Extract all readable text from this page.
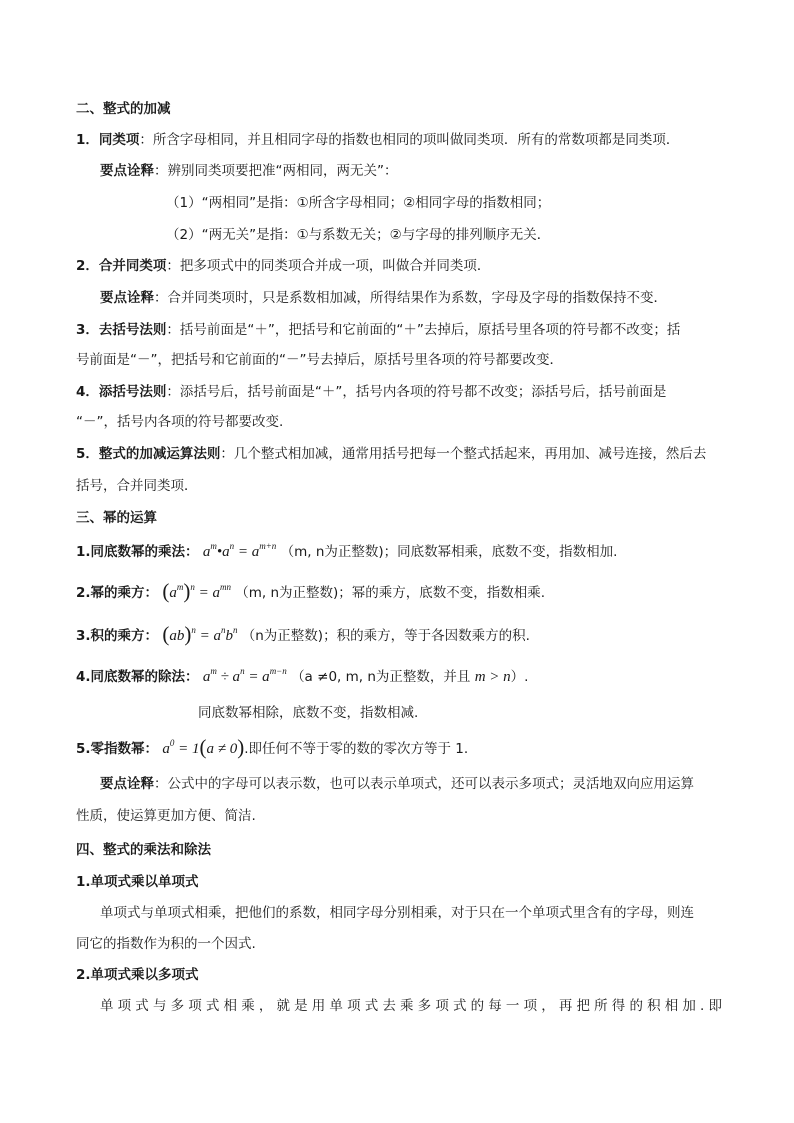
二、整式的加减
1．同类项：所含字母相同，并且相同字母的指数也相同的项叫做同类项．所有的常数项都是同类项．
要点诠释：辨别同类项要把准“两相同，两无关”：
（1）“两相同”是指：①所含字母相同；②相同字母的指数相同；
（2）“两无关”是指：①与系数无关；②与字母的排列顺序无关．
2．合并同类项：把多项式中的同类项合并成一项，叫做合并同类项．
要点诠释：合并同类项时，只是系数相加减，所得结果作为系数，字母及字母的指数保持不变．
3．去括号法则：括号前面是“＋”，把括号和它前面的“＋”去掉后，原括号里各项的符号都不改变；括
号前面是“－”，把括号和它前面的“－”号去掉后，原括号里各项的符号都要改变．
4．添括号法则：添括号后，括号前面是“＋”，括号内各项的符号都不改变；添括号后，括号前面是
“－”，括号内各项的符号都要改变.
5．整式的加减运算法则：几个整式相加减，通常用括号把每一个整式括起来，再用加、减号连接，然后去
括号，合并同类项．
三、幂的运算
1.同底数幂的乘法： $a^m•a^n = a^{m+n}$ （m, n为正整数)；同底数幂相乘，底数不变，指数相加.
2.幂的乘方： $(a^m)^n = a^{mn}$ （m, n为正整数)；幂的乘方，底数不变，指数相乘.
3.积的乘方： $(ab)^n = a^nb^n$ （n为正整数)；积的乘方，等于各因数乘方的积.
4.同底数幂的除法： $a^m \div a^n = a^{m-n}$ （a ≠0, m, n为正整数，并且 m > n）.
同底数幂相除，底数不变，指数相减.
5.零指数幂： $a^0 = 1(a \ne 0)$.即任何不等于零的数的零次方等于 1.
要点诠释：公式中的字母可以表示数，也可以表示单项式，还可以表示多项式；灵活地双向应用运算
性质，使运算更加方便、简洁.
四、整式的乘法和除法
1.单项式乘以单项式
单项式与单项式相乘，把他们的系数，相同字母分别相乘，对于只在一个单项式里含有的字母，则连
同它的指数作为积的一个因式.
2.单项式乘以多项式
单项式与多项式相乘，就是用单项式去乘多项式的每一项，再把所得的积相加.即
